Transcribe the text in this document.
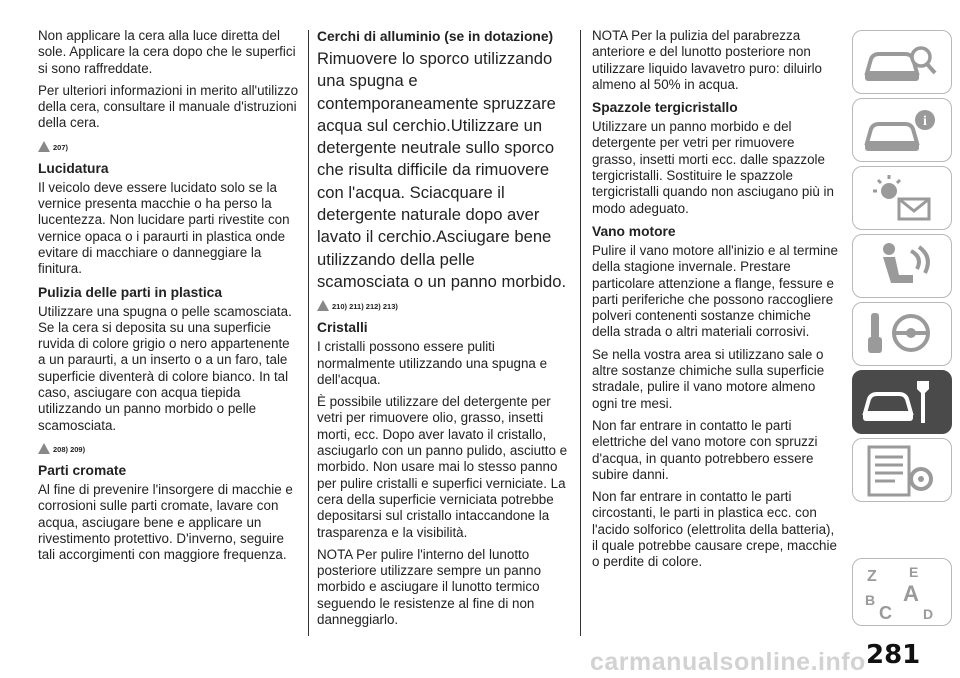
Non applicare la cera alla luce diretta del sole. Applicare la cera dopo che le superfici si sono raffreddate.

Per ulteriori informazioni in merito all'utilizzo della cera, consultare il manuale d'istruzioni della cera.

207)
Lucidatura

Il veicolo deve essere lucidato solo se la vernice presenta macchie o ha perso la lucentezza. Non lucidare parti rivestite con vernice opaca o i paraurti in plastica onde evitare di macchiare o danneggiare la finitura.

Pulizia delle parti in plastica

Utilizzare una spugna o pelle scamosciata. Se la cera si deposita su una superficie ruvida di colore grigio o nero appartenente a un paraurti, a un inserto o a un faro, tale superficie diventerà di colore bianco. In tal caso, asciugare con acqua tiepida utilizzando un panno morbido o pelle scamosciata.

208) 209)
Parti cromate

Al fine di prevenire l'insorgere di macchie e corrosioni sulle parti cromate, lavare con acqua, asciugare bene e applicare un rivestimento protettivo. D'inverno, seguire tali accorgimenti con maggiore frequenza.

Cerchi di alluminio (se in dotazione)

Rimuovere lo sporco utilizzando una spugna e contemporaneamente spruzzare acqua sul cerchio.Utilizzare un detergente neutrale sullo sporco che risulta difficile da rimuovere con l'acqua. Sciacquare il detergente naturale dopo aver lavato il cerchio.Asciugare bene utilizzando della pelle scamosciata o un panno morbido.

210) 211) 212) 213)
Cristalli

I cristalli possono essere puliti normalmente utilizzando una spugna e dell'acqua.

È possibile utilizzare del detergente per vetri per rimuovere olio, grasso, insetti morti, ecc. Dopo aver lavato il cristallo, asciugarlo con un panno pulido, asciutto e morbido. Non usare mai lo stesso panno per pulire cristalli e superfici verniciate. La cera della superficie verniciata potrebbe depositarsi sul cristallo intaccandone la trasparenza e la visibilità.

NOTA Per pulire l'interno del lunotto posteriore utilizzare sempre un panno morbido e asciugare il lunotto termico seguendo le resistenze al fine di non danneggiarlo.

NOTA Per la pulizia del parabrezza anteriore e del lunotto posteriore non utilizzare liquido lavavetro puro: diluirlo almeno al 50% in acqua.

Spazzole tergicristallo

Utilizzare un panno morbido e del detergente per vetri per rimuovere grasso, insetti morti ecc. dalle spazzole tergicristalli. Sostituire le spazzole tergicristalli quando non asciugano più in modo adeguato.

Vano motore

Pulire il vano motore all'inizio e al termine della stagione invernale. Prestare particolare attenzione a flange, fessure e parti periferiche che possono raccogliere polveri contenenti sostanze chimiche della strada o altri materiali corrosivi.

Se nella vostra area si utilizzano sale o altre sostanze chimiche sulla superficie stradale, pulire il vano motore almeno ogni tre mesi.

Non far entrare in contatto le parti elettriche del vano motore con spruzzi d'acqua, in quanto potrebbero essere subire danni.

Non far entrare in contatto le parti circostanti, le parti in plastica ecc. con l'acido solforico (elettrolita della batteria), il quale potrebbe causare crepe, macchie o perdite di colore.

i
Z E
A
B
C D
carmanualsonline.info 281
